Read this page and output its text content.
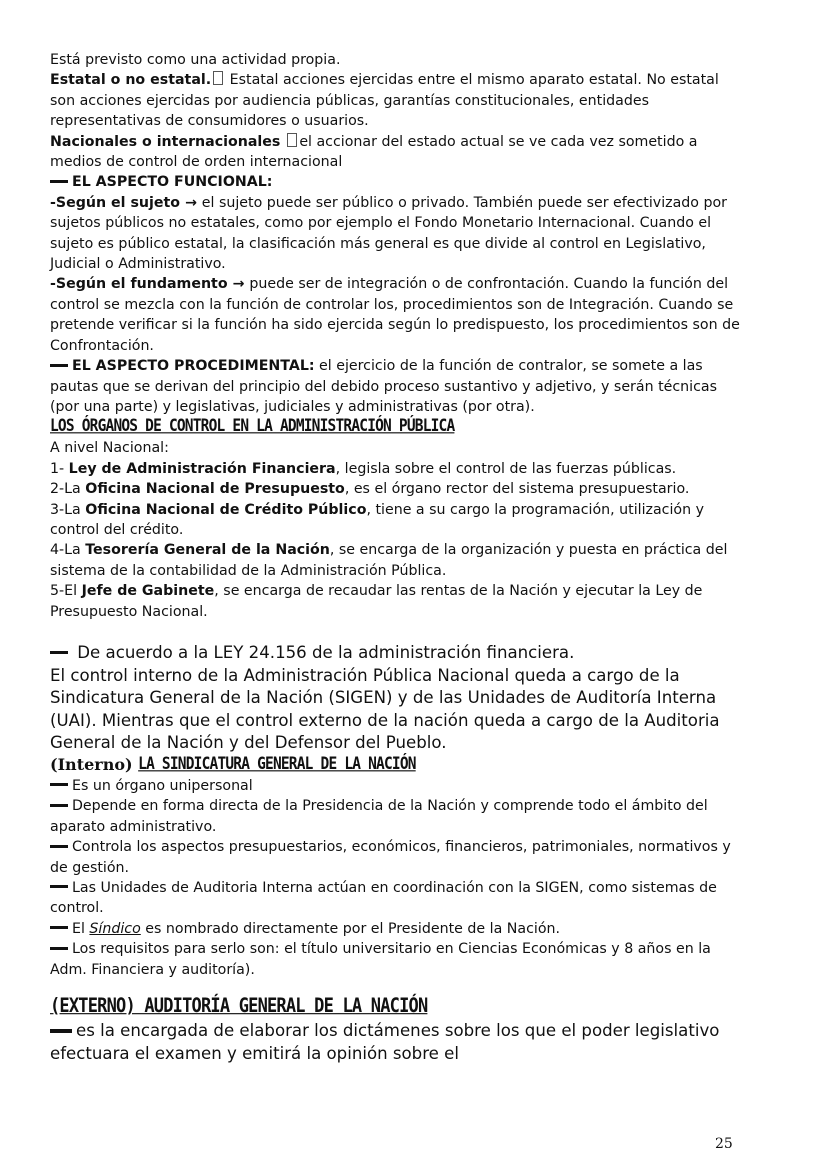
Está previsto como una actividad propia.

Estatal o no estatal. Estatal acciones ejercidas entre el mismo aparato estatal. No estatal son acciones ejercidas por audiencia públicas, garantías constitucionales, entidades representativas de consumidores o usuarios.

Nacionales o internacionales el accionar del estado actual se ve cada vez sometido a medios de control de orden internacional

EL ASPECTO FUNCIONAL:

-Según el sujeto → el sujeto puede ser público o privado. También puede ser efectivizado por sujetos públicos no estatales, como por ejemplo el Fondo Monetario Internacional. Cuando el sujeto es público estatal, la clasificación más general es que divide al control en Legislativo, Judicial o Administrativo.

-Según el fundamento → puede ser de integración o de confrontación. Cuando la función del control se mezcla con la función de controlar los, procedimientos son de Integración. Cuando se pretende verificar si la función ha sido ejercida según lo predispuesto, los procedimientos son de Confrontación.

EL ASPECTO PROCEDIMENTAL: el ejercicio de la función de contralor, se somete a las pautas que se derivan del principio del debido proceso sustantivo y adjetivo, y serán técnicas (por una parte) y legislativas, judiciales y administrativas (por otra).

LOS ÓRGANOS DE CONTROL EN LA ADMINISTRACIÓN PÚBLICA

A nivel Nacional:

1- Ley de Administración Financiera, legisla sobre el control de las fuerzas públicas.

2-La Oficina Nacional de Presupuesto, es el órgano rector del sistema presupuestario.

3-La Oficina Nacional de Crédito Público, tiene a su cargo la programación, utilización y control del crédito.

4-La Tesorería General de la Nación, se encarga de la organización y puesta en práctica del sistema de la contabilidad de la Administración Pública.

5-El Jefe de Gabinete, se encarga de recaudar las rentas de la Nación y ejecutar la Ley de Presupuesto Nacional.

De acuerdo a la LEY 24.156 de la administración financiera.

El control interno de la Administración Pública Nacional queda a cargo de la Sindicatura General de la Nación (SIGEN) y de las Unidades de Auditoría Interna (UAI). Mientras que el control externo de la nación queda a cargo de la Auditoria General de la Nación y del Defensor del Pueblo.

(Interno) LA SINDICATURA GENERAL DE LA NACIÓN

Es un órgano unipersonal

Depende en forma directa de la Presidencia de la Nación y comprende todo el ámbito del aparato administrativo.

Controla los aspectos presupuestarios, económicos, financieros, patrimoniales, normativos y de gestión.

Las Unidades de Auditoria Interna actúan en coordinación con la SIGEN, como sistemas de control.

El Síndico es nombrado directamente por el Presidente de la Nación.

Los requisitos para serlo son: el título universitario en Ciencias Económicas y 8 años en la Adm. Financiera y auditoría).

(EXTERNO) AUDITORÍA GENERAL DE LA NACIÓN

es la encargada de elaborar los dictámenes sobre los que el poder legislativo efectuara el examen y emitirá la opinión sobre el

25
